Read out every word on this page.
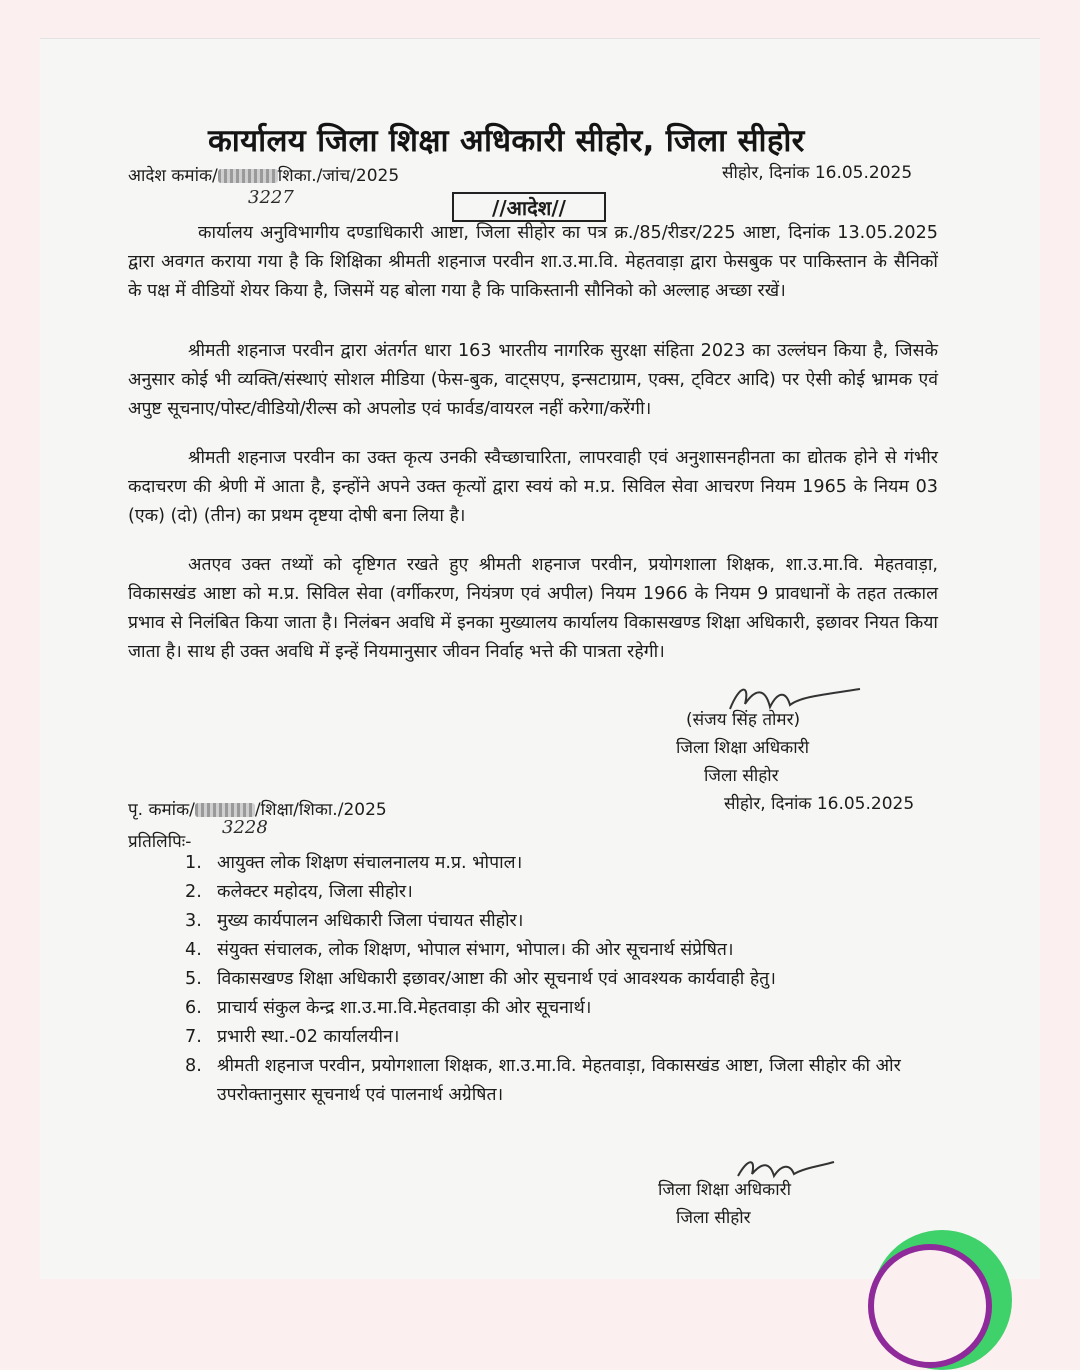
कार्यालय जिला शिक्षा अधिकारी सीहोर, जिला सीहोर
आदेश कमांक/	शिका./जांच/2025
3227
सीहोर, दिनांक 16.05.2025
//आदेश//
कार्यालय अनुविभागीय दण्डाधिकारी आष्टा, जिला सीहोर का पत्र क्र./85/रीडर/225 आष्टा, दिनांक 13.05.2025 द्वारा अवगत कराया गया है कि शिक्षिका श्रीमती शहनाज परवीन शा.उ.मा.वि. मेहतवाड़ा द्वारा फेसबुक पर पाकिस्तान के सैनिकों के पक्ष में वीडियों शेयर किया है, जिसमें यह बोला गया है कि पाकिस्तानी सौनिको को अल्लाह अच्छा रखें।
श्रीमती शहनाज परवीन द्वारा अंतर्गत धारा 163 भारतीय नागरिक सुरक्षा संहिता 2023 का उल्लंघन किया है, जिसके अनुसार कोई भी व्यक्ति/संस्थाएं सोशल मीडिया (फेस-बुक, वाट्सएप, इन्सटाग्राम, एक्स, ट्विटर आदि) पर ऐसी कोई भ्रामक एवं अपुष्ट सूचनाए/पोस्ट/वीडियो/रील्स को अपलोड एवं फार्वड/वायरल नहीं करेगा/करेंगी।
श्रीमती शहनाज परवीन का उक्त कृत्य उनकी स्वैच्छाचारिता, लापरवाही एवं अनुशासनहीनता का द्योतक होने से गंभीर कदाचरण की श्रेणी में आता है, इन्होंने अपने उक्त कृत्यों द्वारा स्वयं को म.प्र. सिविल सेवा आचरण नियम 1965 के नियम 03 (एक) (दो) (तीन) का प्रथम दृष्टया दोषी बना लिया है।
अतएव उक्त तथ्यों को दृष्टिगत रखते हुए श्रीमती शहनाज परवीन, प्रयोगशाला शिक्षक, शा.उ.मा.वि. मेहतवाड़ा, विकासखंड आष्टा को म.प्र. सिविल सेवा (वर्गीकरण, नियंत्रण एवं अपील) नियम 1966 के नियम 9 प्रावधानों के तहत तत्काल प्रभाव से निलंबित किया जाता है। निलंबन अवधि में इनका मुख्यालय कार्यालय विकासखण्ड शिक्षा अधिकारी, इछावर नियत किया जाता है। साथ ही उक्त अवधि में इन्हें नियमानुसार जीवन निर्वाह भत्ते की पात्रता रहेगी।
(संजय सिंह तोमर)
जिला शिक्षा अधिकारी
जिला सीहोर
सीहोर, दिनांक 16.05.2025
पृ. कमांक/	/शिक्षा/शिका./2025
3228
प्रतिलिपिः-
1. आयुक्त लोक शिक्षण संचालनालय म.प्र. भोपाल।
2. कलेक्टर महोदय, जिला सीहोर।
3. मुख्य कार्यपालन अधिकारी जिला पंचायत सीहोर।
4. संयुक्त संचालक, लोक शिक्षण, भोपाल संभाग, भोपाल। की ओर सूचनार्थ संप्रेषित।
5. विकासखण्ड शिक्षा अधिकारी इछावर/आष्टा की ओर सूचनार्थ एवं आवश्यक कार्यवाही हेतु।
6. प्राचार्य संकुल केन्द्र शा.उ.मा.वि.मेहतवाड़ा की ओर सूचनार्थ।
7. प्रभारी स्था.-02 कार्यालयीन।
8. श्रीमती शहनाज परवीन, प्रयोगशाला शिक्षक, शा.उ.मा.वि. मेहतवाड़ा, विकासखंड आष्टा, जिला सीहोर की ओर उपरोक्तानुसार सूचनार्थ एवं पालनार्थ अग्रेषित।
जिला शिक्षा अधिकारी
जिला सीहोर
